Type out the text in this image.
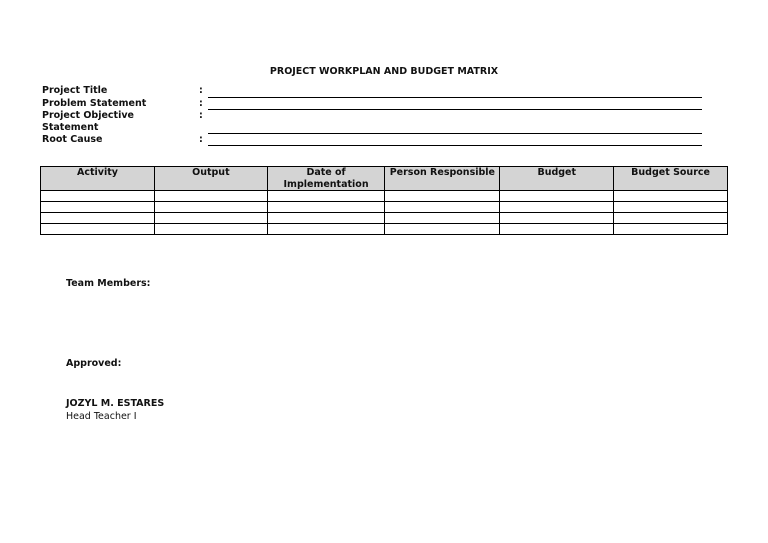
PROJECT WORKPLAN AND BUDGET MATRIX
Project Title	:
Problem Statement	:
Project Objective Statement
:
Root Cause	:
Activity	Output	Date of Implementation	Person Responsible	Budget	Budget Source

Team Members:
Approved:
JOZYL M. ESTARES
Head Teacher I
